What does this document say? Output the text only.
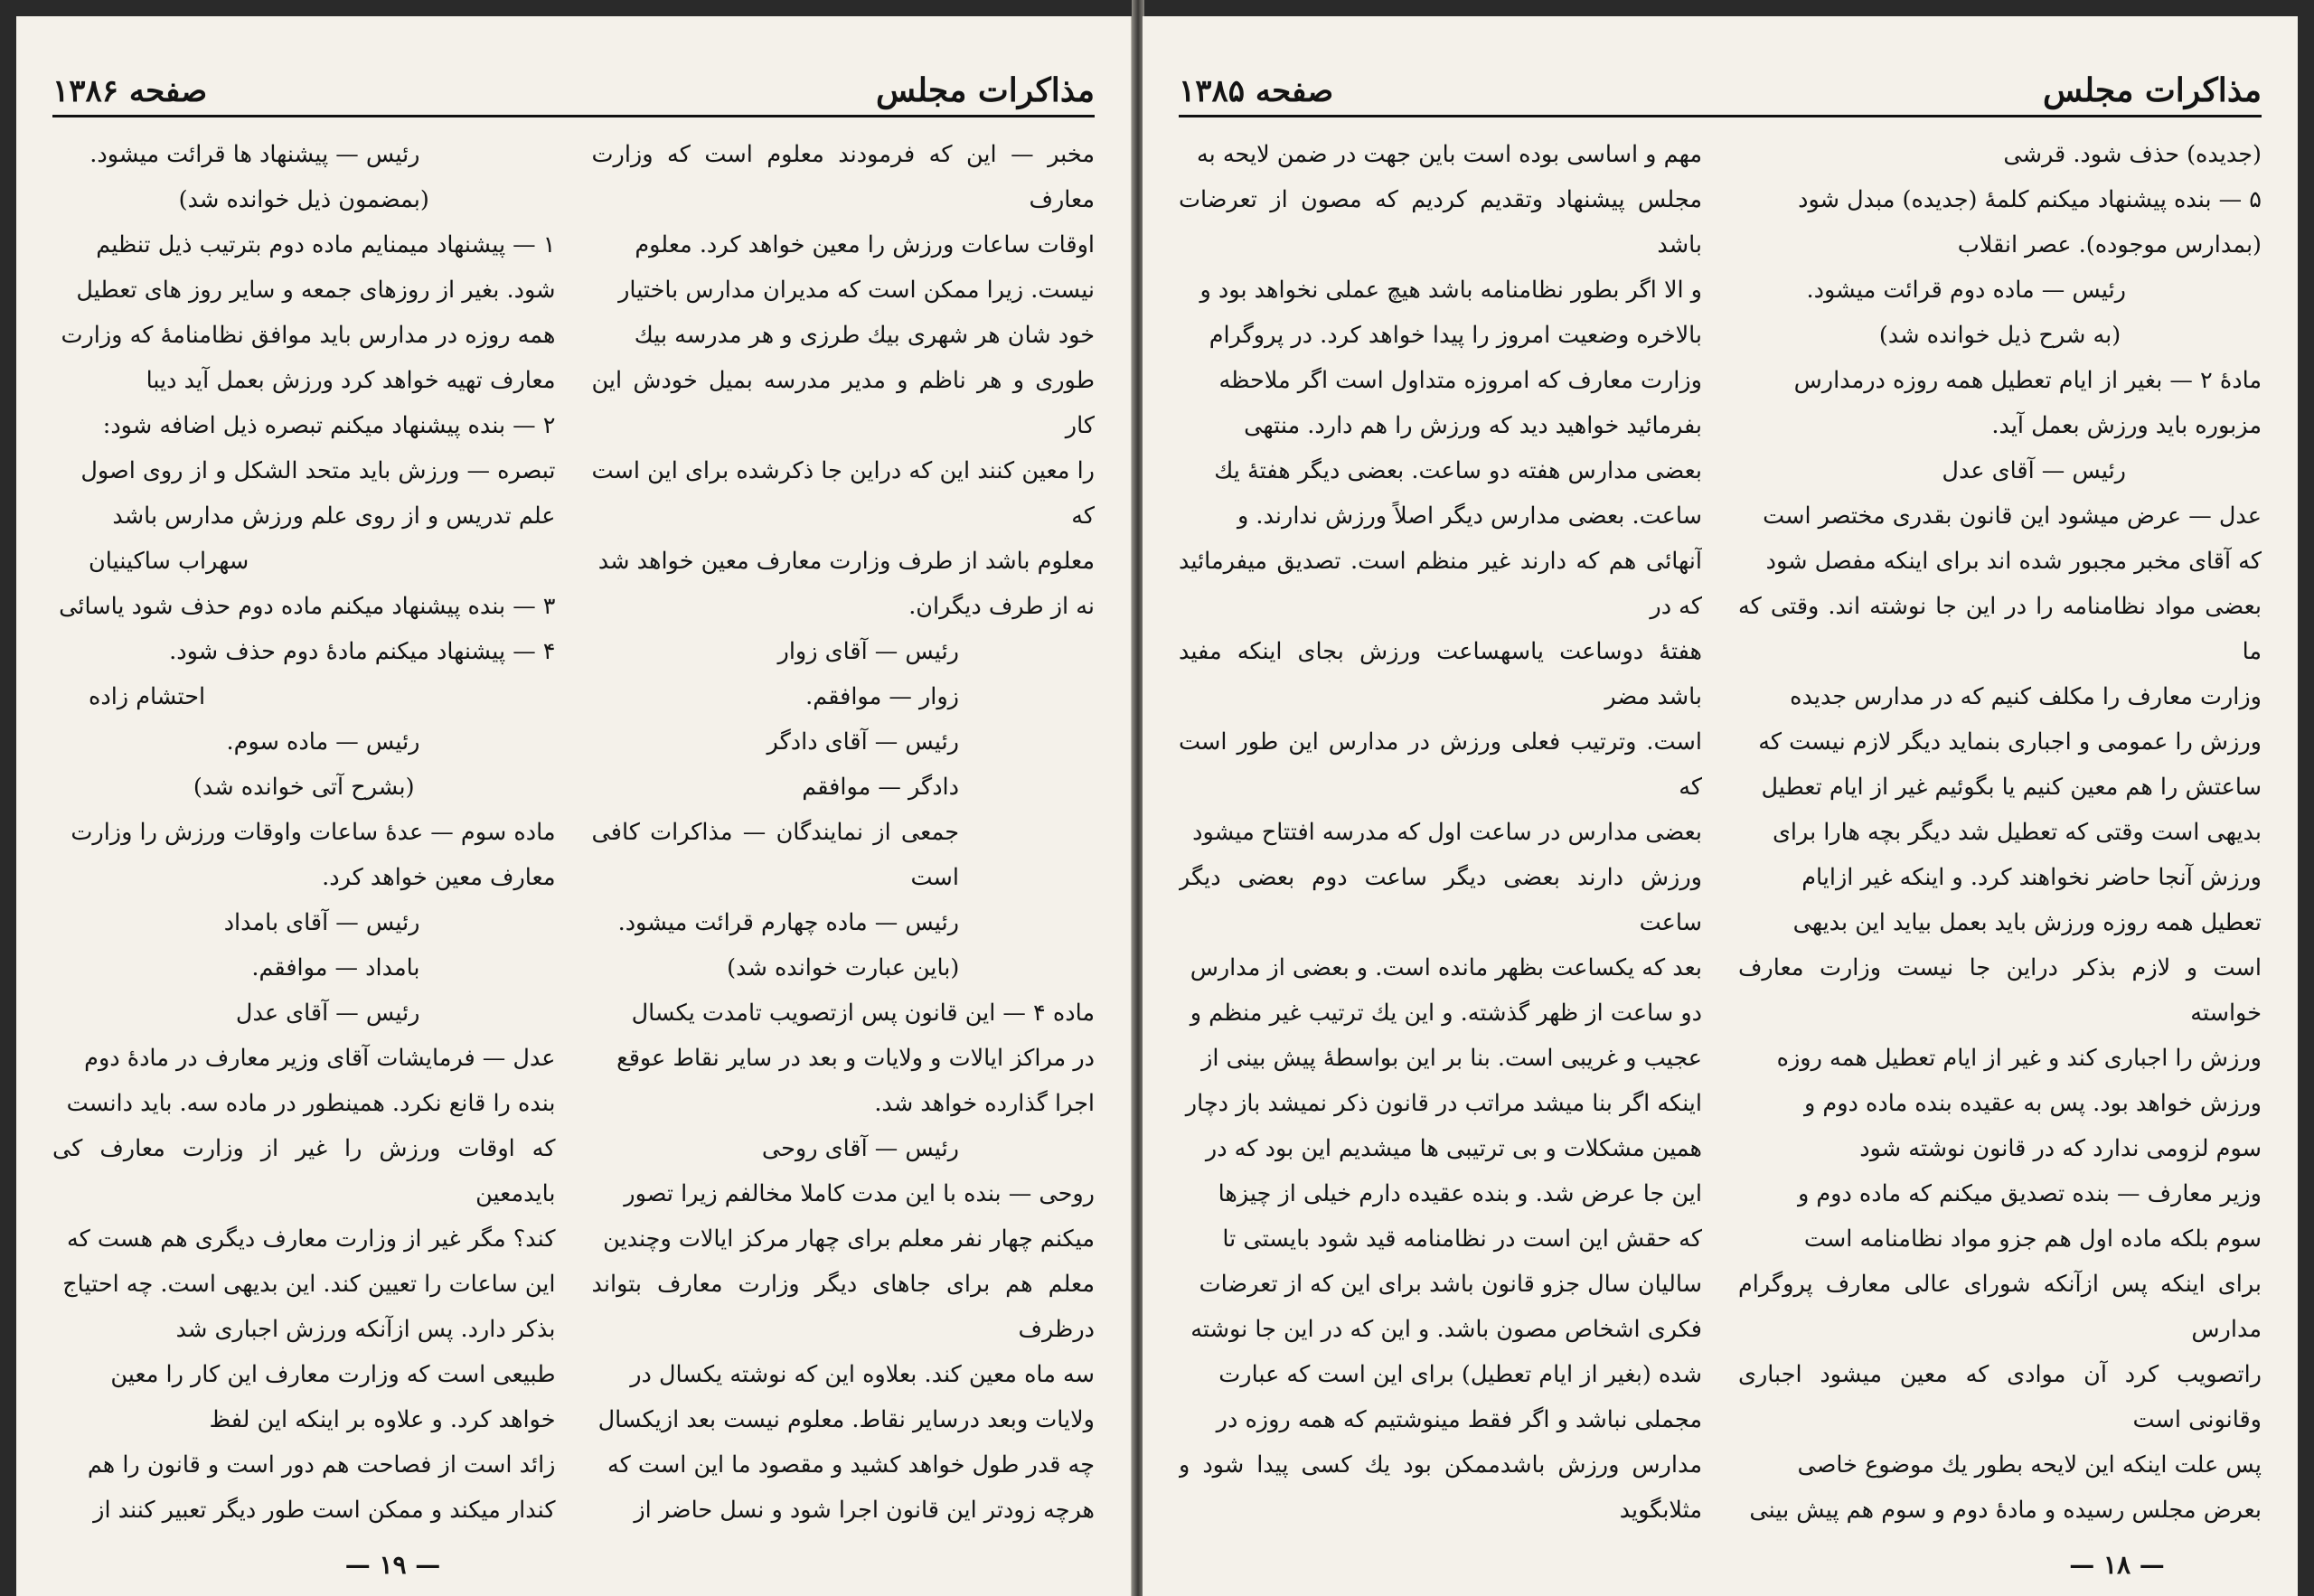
مذاکرات مجلس
صفحه ۱۳۸۶

مخبر — این که فرمودند معلوم است که وزارت معارف

اوقات ساعات ورزش را معین خواهد کرد. معلوم

نیست. زیرا ممکن است که مدیران مدارس باختیار

خود شان هر شهری بیك طرزی و هر مدرسه بیك

طوری و هر ناظم و مدیر مدرسه بمیل خودش این کار

را معین کنند این که دراین جا ذکرشده برای این است که

معلوم باشد از طرف وزارت معارف معین خواهد شد

نه از طرف دیگران.

رئیس — آقای زوار

زوار — موافقم.

رئیس — آقای دادگر

دادگر — موافقم

جمعی از نمایندگان — مذاکرات کافی است

رئیس — ماده چهارم قرائت میشود.

(باین عبارت خوانده شد)

ماده ۴ — این قانون پس ازتصویب تامدت یکسال

در مراکز ایالات و ولایات و بعد در سایر نقاط عوقع

اجرا گذارده خواهد شد.

رئیس — آقای روحی

روحی — بنده با این مدت کاملا مخالفم زیرا تصور

میکنم چهار نفر معلم برای چهار مرکز ایالات وچندین

معلم هم برای جاهای دیگر وزارت معارف بتواند درظرف

سه ماه معین کند. بعلاوه این که نوشته یکسال در

ولایات وبعد درسایر نقاط. معلوم نیست بعد ازیکسال

چه قدر طول خواهد کشید و مقصود ما این است که

هرچه زودتر این قانون اجرا شود و نسل حاضر از

رئیس — پیشنهاد ها قرائت میشود.

(بمضمون ذیل خوانده شد)

۱ — پیشنهاد میمنایم ماده دوم بترتیب ذیل تنظیم

شود. بغیر از روزهای جمعه و سایر روز های تعطیل

همه روزه در مدارس باید موافق نظامنامهٔ که وزارت

معارف تهیه خواهد کرد ورزش بعمل آید دیبا

۲ — بنده پیشنهاد میکنم تبصره ذیل اضافه شود:

تبصره — ورزش باید متحد الشکل و از روی اصول

علم تدریس و از روی علم ورزش مدارس باشد

سهراب ساکینیان

۳ — بنده پیشنهاد میکنم ماده دوم حذف شود یاسائی

۴ — پیشنهاد میکنم مادهٔ دوم حذف شود.

احتشام زاده

رئیس — ماده سوم.

(بشرح آتی خوانده شد)

ماده سوم — عدهٔ ساعات واوقات ورزش را وزارت

معارف معین خواهد کرد.

رئیس — آقای بامداد

بامداد — موافقم.

رئیس — آقای عدل

عدل — فرمایشات آقای وزیر معارف در مادهٔ دوم

بنده را قانع نکرد. همینطور در ماده سه. باید دانست

که اوقات ورزش را غیر از وزارت معارف کی بایدمعین

کند؟ مگر غیر از وزارت معارف دیگری هم هست که

این ساعات را تعیین کند. این بدیهی است. چه احتیاج

بذکر دارد. پس ازآنکه ورزش اجباری شد

طبیعی است که وزارت معارف این کار را معین

خواهد کرد. و علاوه بر اینکه این لفظ

زائد است از فصاحت هم دور است و قانون را هم

کندار میکند و ممکن است طور دیگر تعبیر کنند از

— ۱۹ —
مذاکرات مجلس
صفحه ۱۳۸۵

(جدیده) حذف شود. قرشی

۵ — بنده پیشنهاد میکنم کلمهٔ (جدیده) مبدل شود

(بمدارس موجوده). عصر انقلاب

رئیس — ماده دوم قرائت میشود.

(به شرح ذیل خوانده شد)

مادهٔ ۲ — بغیر از ایام تعطیل همه روزه درمدارس

مزبوره باید ورزش بعمل آید.

رئیس — آقای عدل

عدل — عرض میشود این قانون بقدری مختصر است

که آقای مخبر مجبور شده اند برای اینکه مفصل شود

بعضی مواد نظامنامه را در این جا نوشته اند. وقتی که ما

وزارت معارف را مکلف کنیم که در مدارس جدیده

ورزش را عمومی و اجباری بنماید دیگر لازم نیست که

ساعتش را هم معین کنیم یا بگوئیم غیر از ایام تعطیل

بدیهی است وقتی که تعطیل شد دیگر بچه هارا برای

ورزش آنجا حاضر نخواهند کرد. و اینکه غیر ازایام

تعطیل همه روزه ورزش باید بعمل بیاید این بدیهی

است و لازم بذکر دراین جا نیست وزارت معارف خواسته

ورزش را اجباری کند و غیر از ایام تعطیل همه روزه

ورزش خواهد بود. پس به عقیده بنده ماده دوم و

سوم لزومی ندارد که در قانون نوشته شود

وزیر معارف — بنده تصدیق میکنم که ماده دوم و

سوم بلکه ماده اول هم جزو مواد نظامنامه است

برای اینکه پس ازآنکه شورای عالی معارف پروگرام مدارس

راتصویب کرد آن موادی که معین میشود اجباری وقانونی است

پس علت اینکه این لایحه بطور یك موضوع خاصی

بعرض مجلس رسیده و مادهٔ دوم و سوم هم پیش بینی

مهم و اساسی بوده است باین جهت در ضمن لایحه به

مجلس پیشنهاد وتقدیم کردیم که مصون از تعرضات باشد

و الا اگر بطور نظامنامه باشد هیچ عملی نخواهد بود و

بالاخره وضعیت امروز را پیدا خواهد کرد. در پروگرام

وزارت معارف که امروزه متداول است اگر ملاحظه

بفرمائید خواهید دید که ورزش را هم دارد. منتهی

بعضی مدارس هفته دو ساعت. بعضی دیگر هفتهٔ یك

ساعت. بعضی مدارس دیگر اصلاً ورزش ندارند. و

آنهائی هم که دارند غیر منظم است. تصدیق میفرمائید که در

هفتهٔ دوساعت یاسهساعت ورزش بجای اینکه مفید باشد مضر

است. وترتیب فعلی ورزش در مدارس این طور است که

بعضی مدارس در ساعت اول که مدرسه افتتاح میشود

ورزش دارند بعضی دیگر ساعت دوم بعضی دیگر ساعت

بعد که یکساعت بظهر مانده است. و بعضی از مدارس

دو ساعت از ظهر گذشته. و این یك ترتیب غیر منظم و

عجیب و غریبی است. بنا بر این بواسطهٔ پیش بینی از

اینکه اگر بنا میشد مراتب در قانون ذکر نمیشد باز دچار

همین مشکلات و بی ترتیبی ها میشدیم این بود که در

این جا عرض شد. و بنده عقیده دارم خیلی از چیزها

که حقش این است در نظامنامه قید شود بایستی تا

سالیان سال جزو قانون باشد برای این که از تعرضات

فکری اشخاص مصون باشد. و این که در این جا نوشته

شده (بغیر از ایام تعطیل) برای این است که عبارت

مجملی نباشد و اگر فقط مینوشتیم که همه روزه در

مدارس ورزش باشدممکن بود یك کسی پیدا شود و مثلابگوید

— ۱۸ —
